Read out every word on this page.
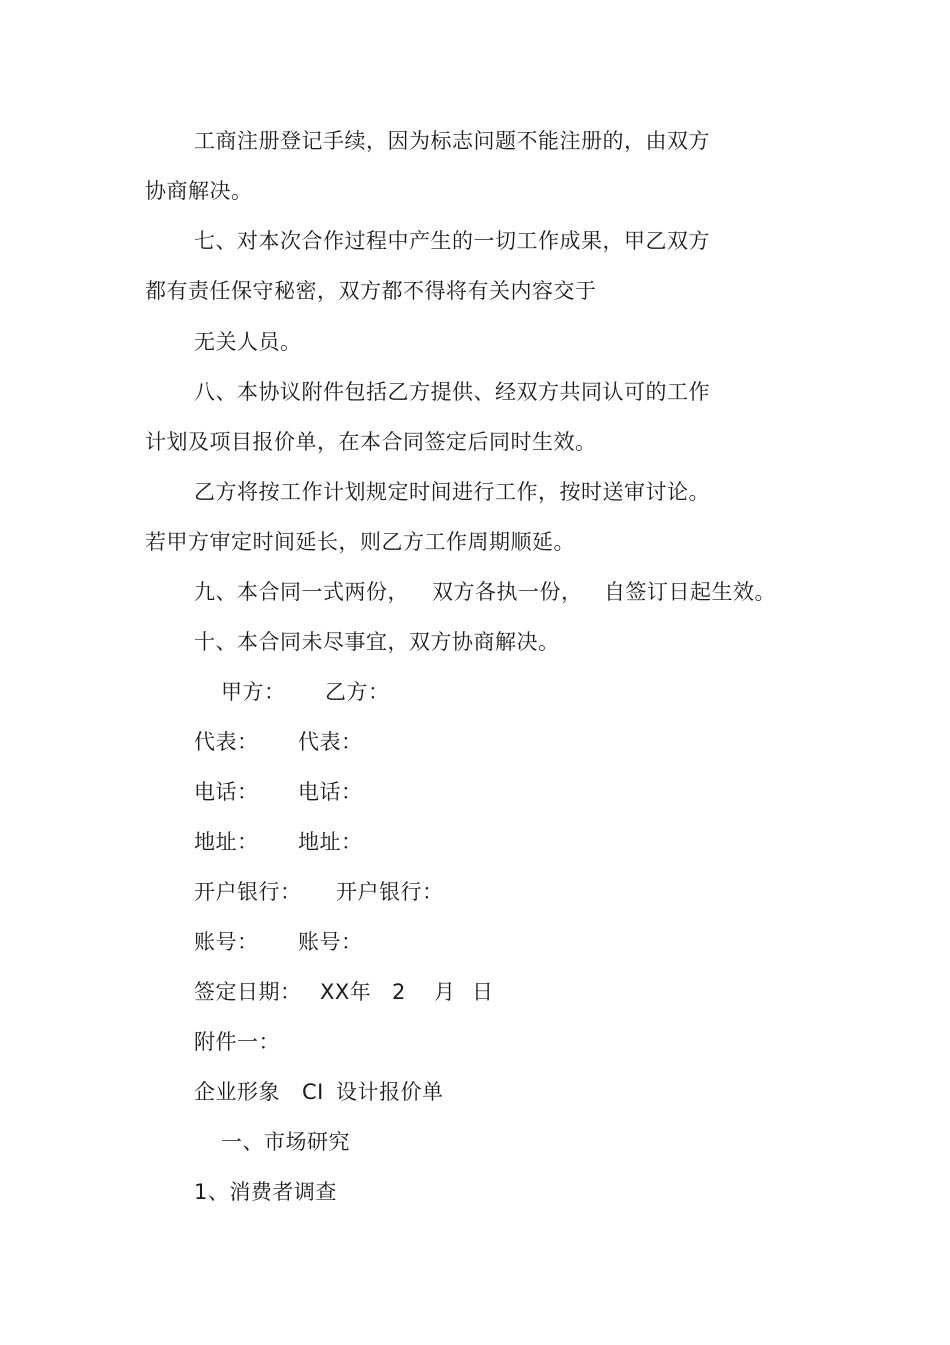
工商注册登记手续，因为标志问题不能注册的，由双方
协商解决。
七、对本次合作过程中产生的一切工作成果，甲乙双方
都有责任保守秘密，双方都不得将有关内容交于
无关人员。
八、本协议附件包括乙方提供、经双方共同认可的工作
计划及项目报价单，在本合同签定后同时生效。
乙方将按工作计划规定时间进行工作，按时送审讨论。
若甲方审定时间延长，则乙方工作周期顺延。

九、本合同一式两份，

双方各执一份，

自签订日起生效。

十、本合同未尽事宜，双方协商解决。

甲方：

乙方：

代表：

代表：

电话：

电话：

地址：

地址：

开户银行：

开户银行：

账号：

账号：

签定日期：

XX年

2

月

日

附件一：

企业形象

CI

设计报价单

一、市场研究
1、消费者调查
